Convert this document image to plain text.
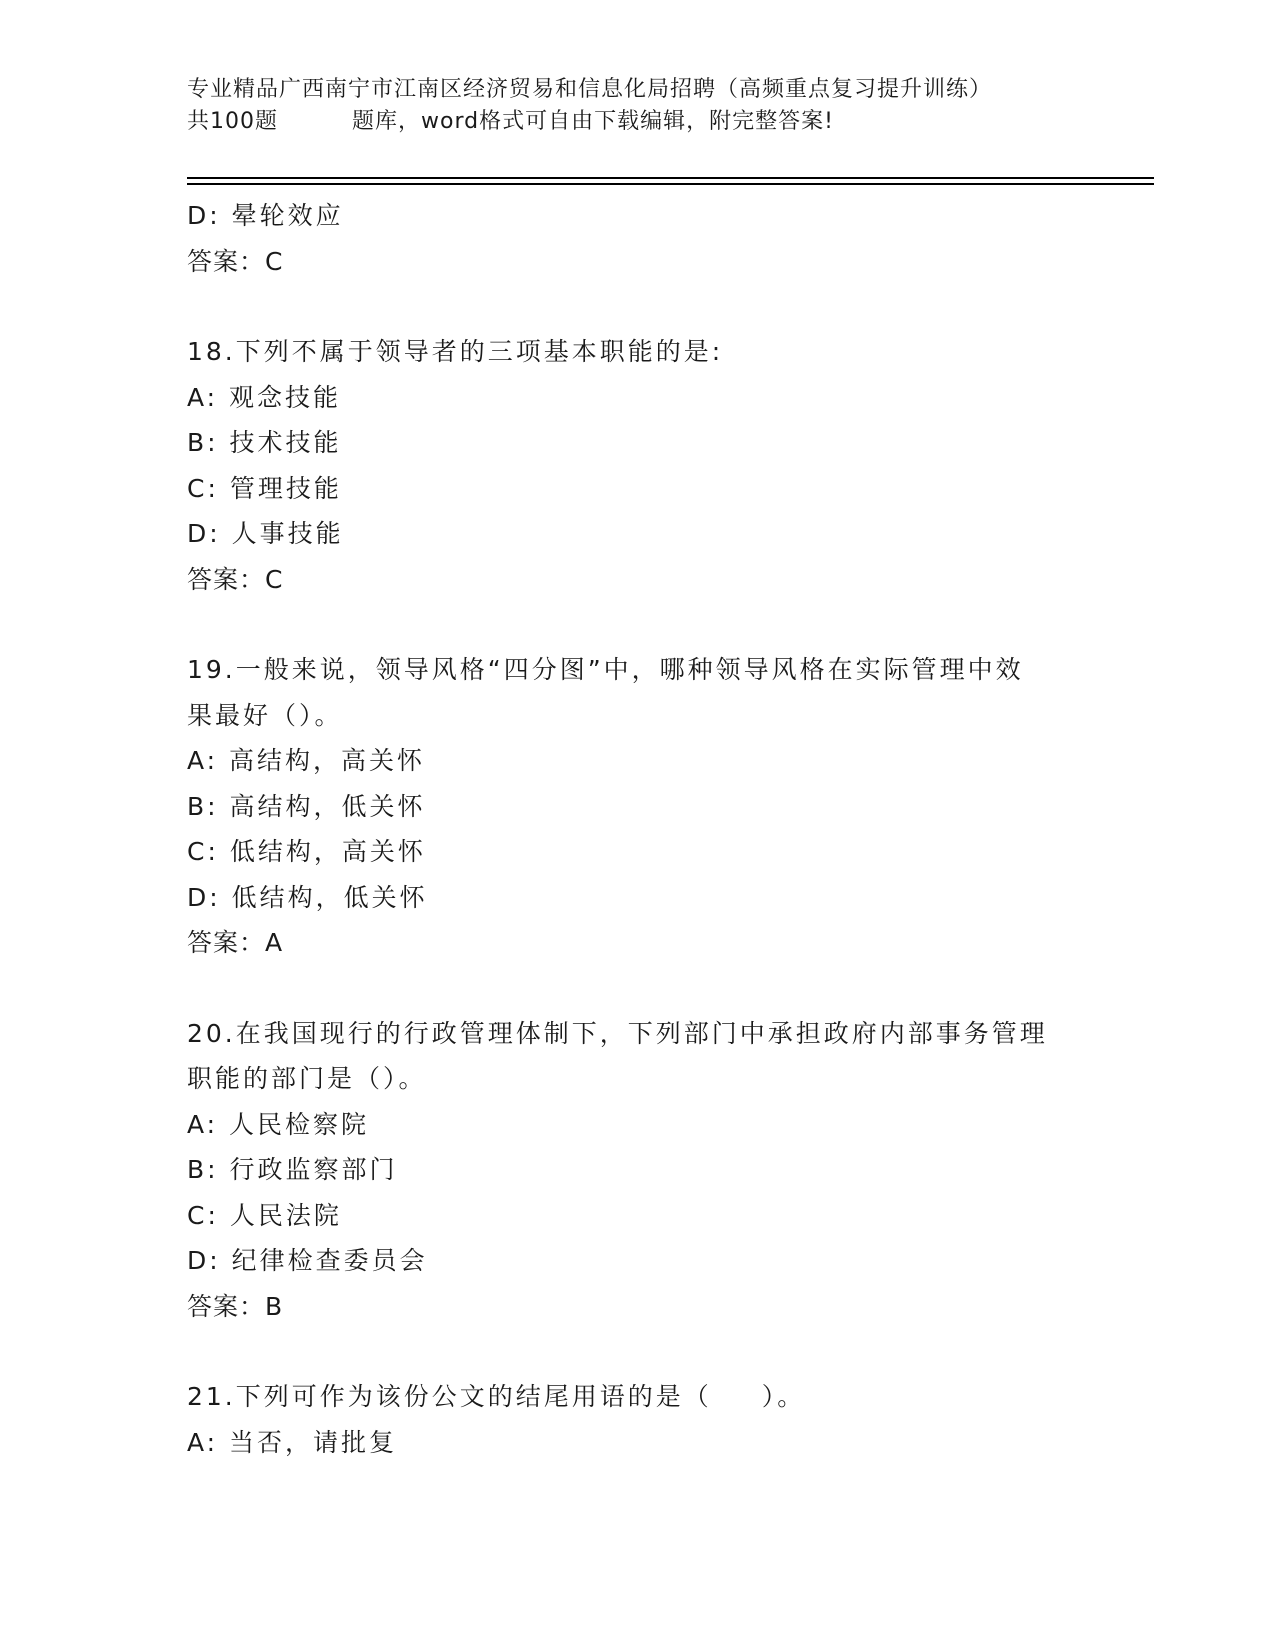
专业精品广西南宁市江南区经济贸易和信息化局招聘（高频重点复习提升训练）
共100题	题库，word格式可自由下载编辑，附完整答案!
D: 晕轮效应
答案：C
18.下列不属于领导者的三项基本职能的是:
A: 观念技能
B: 技术技能
C: 管理技能
D: 人事技能
答案：C
19.一般来说，领导风格“四分图”中，哪种领导风格在实际管理中效
果最好（）。
A: 高结构，高关怀
B: 高结构，低关怀
C: 低结构，高关怀
D: 低结构，低关怀
答案：A
20.在我国现行的行政管理体制下，下列部门中承担政府内部事务管理
职能的部门是（）。
A: 人民检察院
B: 行政监察部门
C: 人民法院
D: 纪律检查委员会
答案：B
21.下列可作为该份公文的结尾用语的是（ ）。
A: 当否，请批复
